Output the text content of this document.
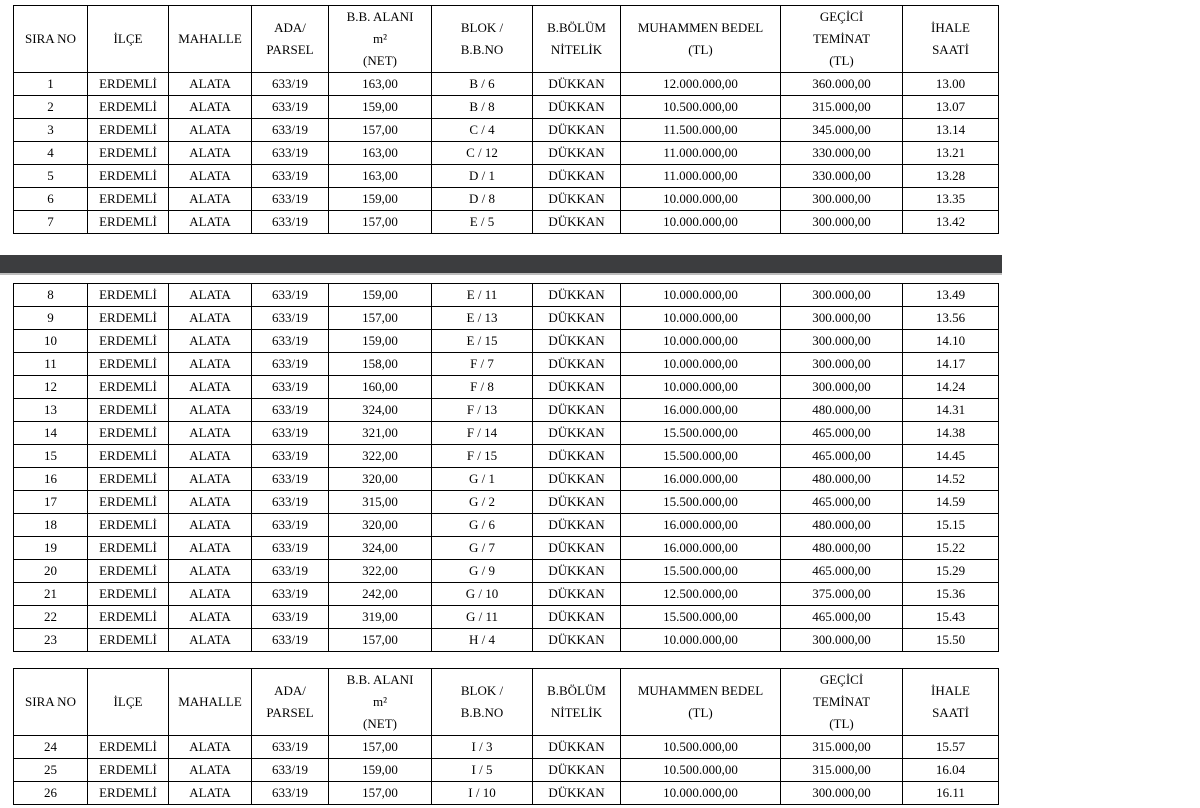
SIRA NO	İLÇE	MAHALLE	ADA/
PARSEL	B.B. ALANI
m²
(NET)	BLOK /
B.B.NO	B.BÖLÜM
NİTELİK	MUHAMMEN BEDEL
(TL)	GEÇİCİ
TEMİNAT
(TL)	İHALE
SAATİ
1	ERDEMLİ	ALATA	633/19	163,00	B / 6	DÜKKAN	12.000.000,00	360.000,00	13.00
2	ERDEMLİ	ALATA	633/19	159,00	B / 8	DÜKKAN	10.500.000,00	315.000,00	13.07
3	ERDEMLİ	ALATA	633/19	157,00	C / 4	DÜKKAN	11.500.000,00	345.000,00	13.14
4	ERDEMLİ	ALATA	633/19	163,00	C / 12	DÜKKAN	11.000.000,00	330.000,00	13.21
5	ERDEMLİ	ALATA	633/19	163,00	D / 1	DÜKKAN	11.000.000,00	330.000,00	13.28
6	ERDEMLİ	ALATA	633/19	159,00	D / 8	DÜKKAN	10.000.000,00	300.000,00	13.35
7	ERDEMLİ	ALATA	633/19	157,00	E / 5	DÜKKAN	10.000.000,00	300.000,00	13.42
8	ERDEMLİ	ALATA	633/19	159,00	E / 11	DÜKKAN	10.000.000,00	300.000,00	13.49
9	ERDEMLİ	ALATA	633/19	157,00	E / 13	DÜKKAN	10.000.000,00	300.000,00	13.56
10	ERDEMLİ	ALATA	633/19	159,00	E / 15	DÜKKAN	10.000.000,00	300.000,00	14.10
11	ERDEMLİ	ALATA	633/19	158,00	F / 7	DÜKKAN	10.000.000,00	300.000,00	14.17
12	ERDEMLİ	ALATA	633/19	160,00	F / 8	DÜKKAN	10.000.000,00	300.000,00	14.24
13	ERDEMLİ	ALATA	633/19	324,00	F / 13	DÜKKAN	16.000.000,00	480.000,00	14.31
14	ERDEMLİ	ALATA	633/19	321,00	F / 14	DÜKKAN	15.500.000,00	465.000,00	14.38
15	ERDEMLİ	ALATA	633/19	322,00	F / 15	DÜKKAN	15.500.000,00	465.000,00	14.45
16	ERDEMLİ	ALATA	633/19	320,00	G / 1	DÜKKAN	16.000.000,00	480.000,00	14.52
17	ERDEMLİ	ALATA	633/19	315,00	G / 2	DÜKKAN	15.500.000,00	465.000,00	14.59
18	ERDEMLİ	ALATA	633/19	320,00	G / 6	DÜKKAN	16.000.000,00	480.000,00	15.15
19	ERDEMLİ	ALATA	633/19	324,00	G / 7	DÜKKAN	16.000.000,00	480.000,00	15.22
20	ERDEMLİ	ALATA	633/19	322,00	G / 9	DÜKKAN	15.500.000,00	465.000,00	15.29
21	ERDEMLİ	ALATA	633/19	242,00	G / 10	DÜKKAN	12.500.000,00	375.000,00	15.36
22	ERDEMLİ	ALATA	633/19	319,00	G / 11	DÜKKAN	15.500.000,00	465.000,00	15.43
23	ERDEMLİ	ALATA	633/19	157,00	H / 4	DÜKKAN	10.000.000,00	300.000,00	15.50
SIRA NO	İLÇE	MAHALLE	ADA/
PARSEL	B.B. ALANI
m²
(NET)	BLOK /
B.B.NO	B.BÖLÜM
NİTELİK	MUHAMMEN BEDEL
(TL)	GEÇİCİ
TEMİNAT
(TL)	İHALE
SAATİ
24	ERDEMLİ	ALATA	633/19	157,00	I / 3	DÜKKAN	10.500.000,00	315.000,00	15.57
25	ERDEMLİ	ALATA	633/19	159,00	I / 5	DÜKKAN	10.500.000,00	315.000,00	16.04
26	ERDEMLİ	ALATA	633/19	157,00	I / 10	DÜKKAN	10.000.000,00	300.000,00	16.11
